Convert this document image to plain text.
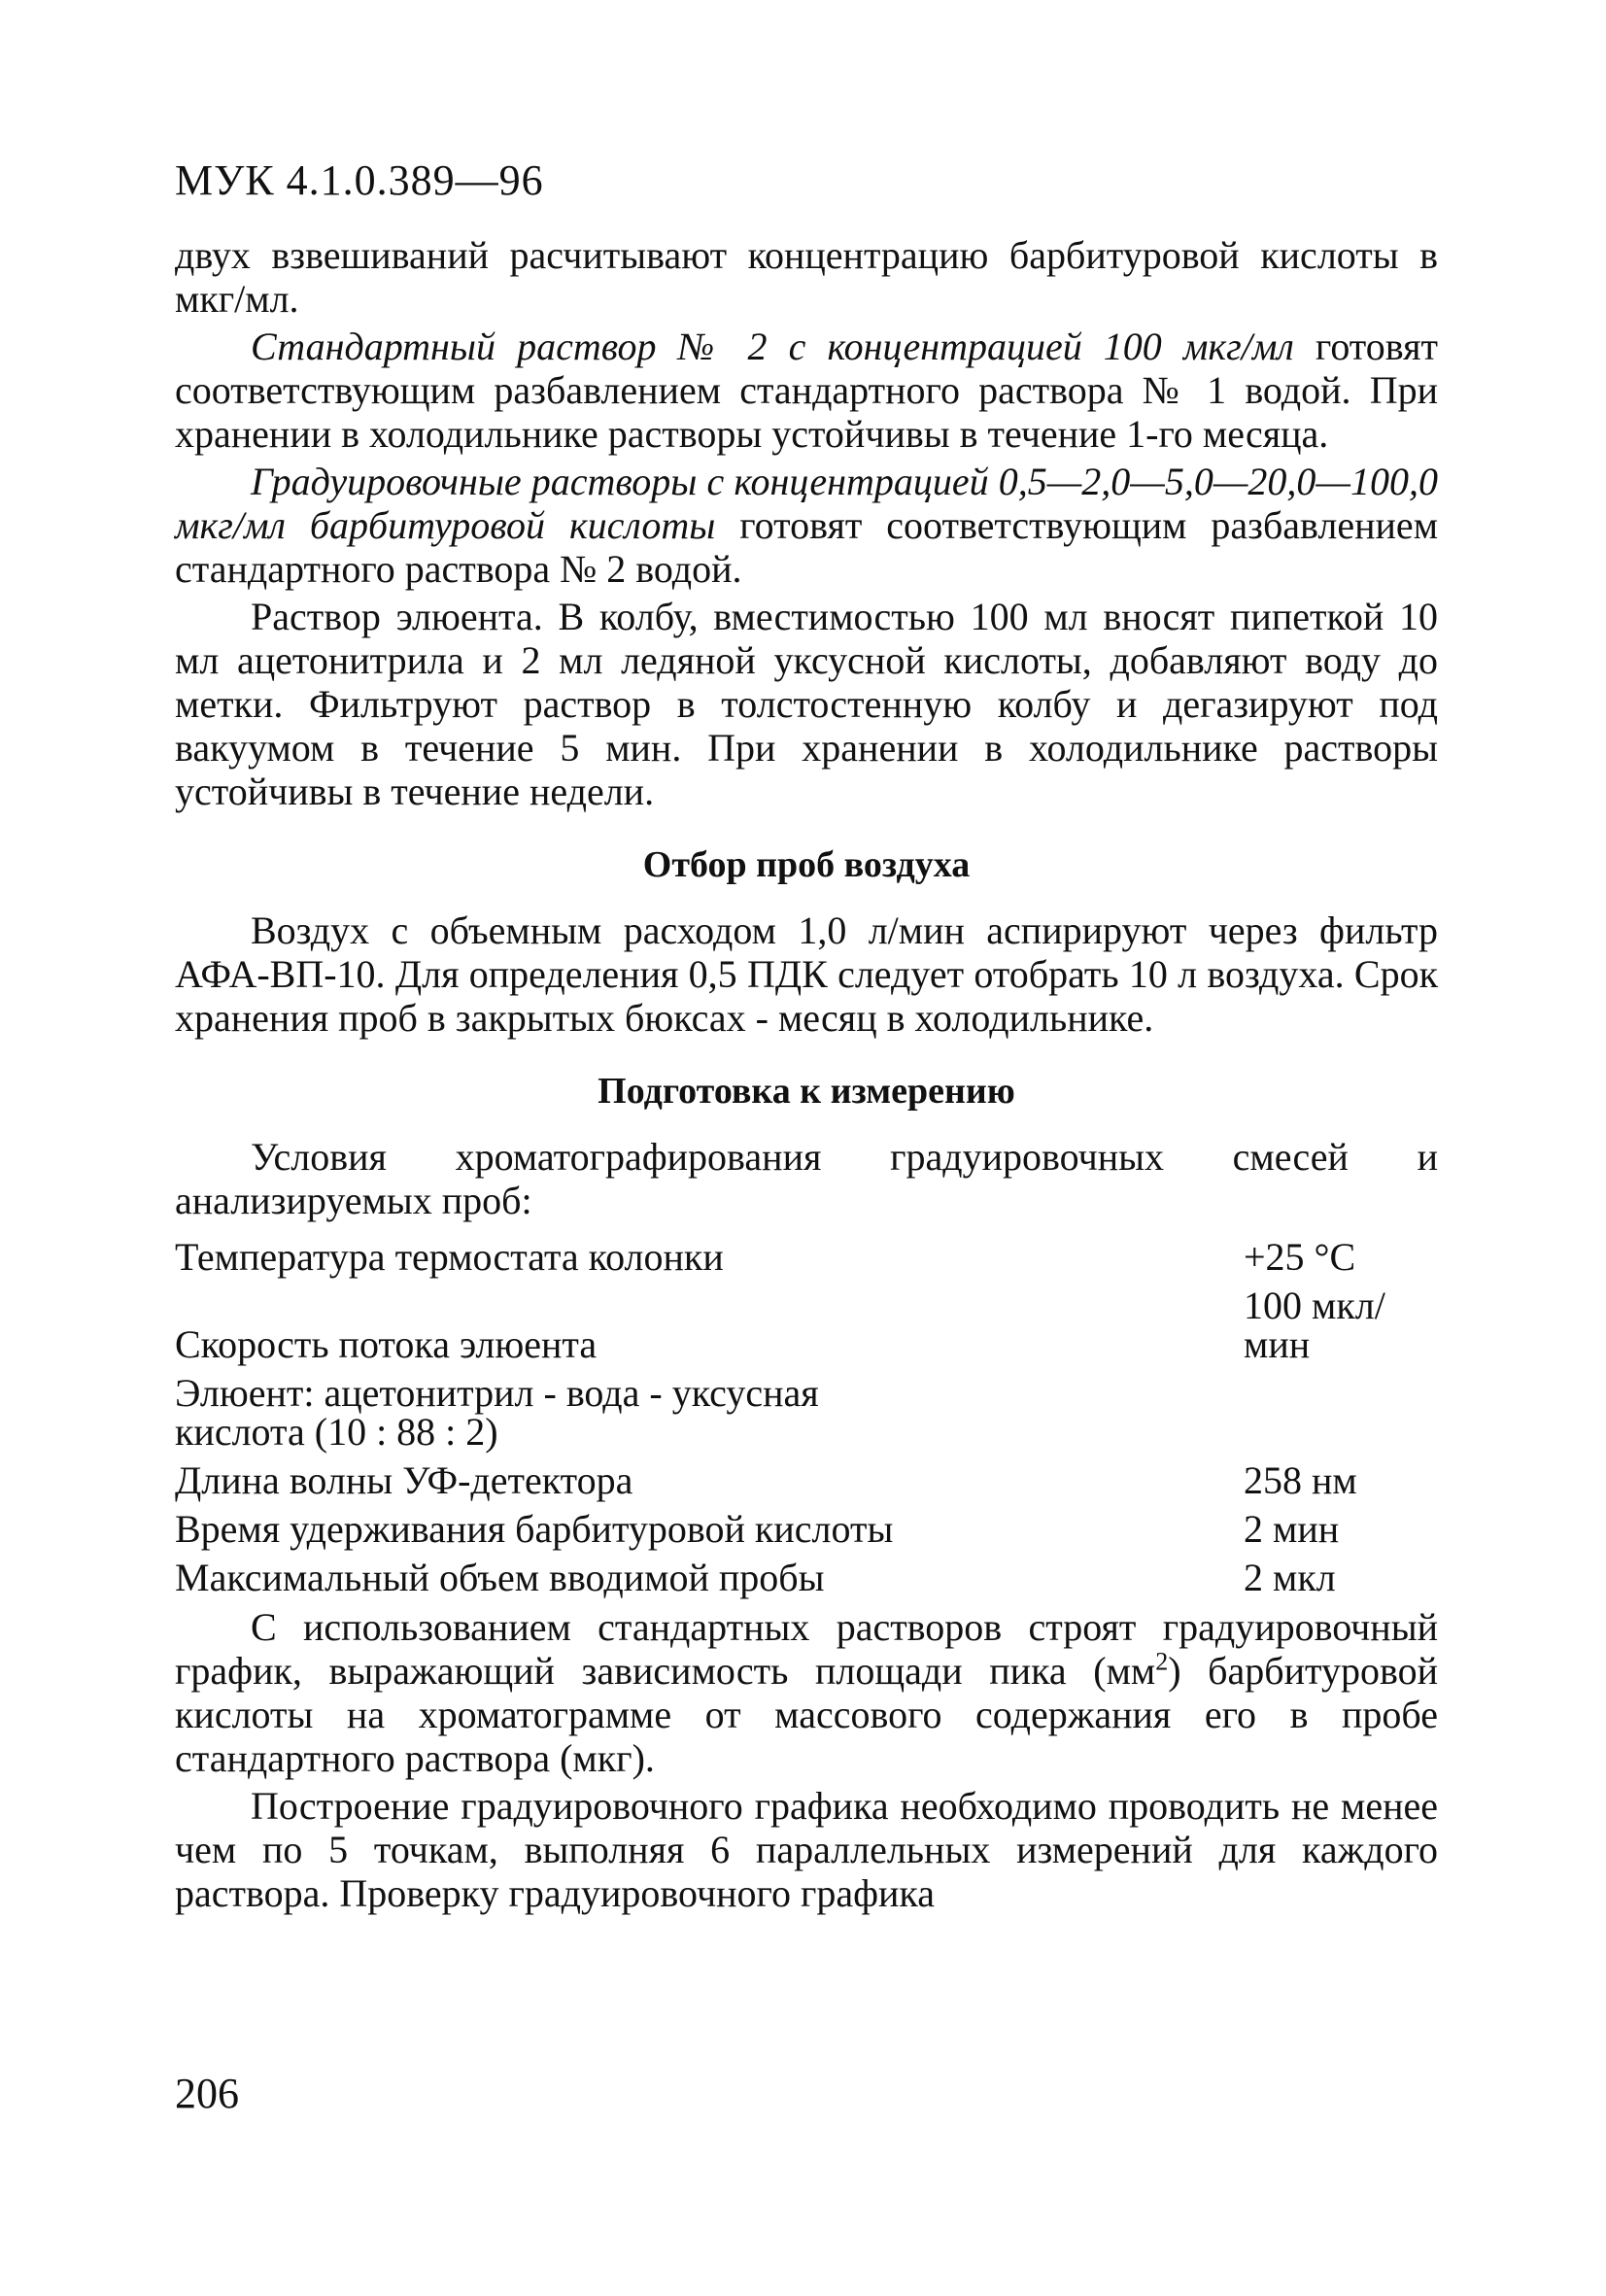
МУК 4.1.0.389—96

двух взвешиваний расчитывают концентрацию барбитуровой кислоты в мкг/мл.

Стандартный раствор № 2 с концентрацией 100 мкг/мл готовят соответствующим разбавлением стандартного раствора № 1 водой. При хранении в холодильнике растворы устойчивы в течение 1-го месяца.

Градуировочные растворы с концентрацией 0,5—2,0—5,0—20,0—100,0 мкг/мл барбитуровой кислоты готовят соответствующим разбавлением стандартного раствора № 2 водой.

Раствор элюента. В колбу, вместимостью 100 мл вносят пипеткой 10 мл ацетонитрила и 2 мл ледяной уксусной кислоты, добавляют воду до метки. Фильтруют раствор в толстостенную колбу и дегазируют под вакуумом в течение 5 мин. При хранении в холодильнике растворы устойчивы в течение недели.

Отбор проб воздуха

Воздух с объемным расходом 1,0 л/мин аспирируют через фильтр АФА-ВП-10. Для определения 0,5 ПДК следует отобрать 10 л воздуха. Срок хранения проб в закрытых бюксах - месяц в холодильнике.

Подготовка к измерению

Условия хроматографирования градуировочных смесей и анализируемых проб:

Температура термостата колонки	+25 °C
Скорость потока элюента	100 мкл/мин
Элюент: ацетонитрил - вода - уксусная кислота (10 : 88 : 2)	
Длина волны УФ-детектора	258 нм
Время удерживания барбитуровой кислоты	2 мин
Максимальный объем вводимой пробы	2 мкл

С использованием стандартных растворов строят градуировочный график, выражающий зависимость площади пика $(мм^2)$ барбитуровой кислоты на хроматограмме от массового содержания его в пробе стандартного раствора (мкг).

Построение градуировочного графика необходимо проводить не менее чем по 5 точкам, выполняя 6 параллельных измерений для каждого раствора. Проверку градуировочного графика

206
